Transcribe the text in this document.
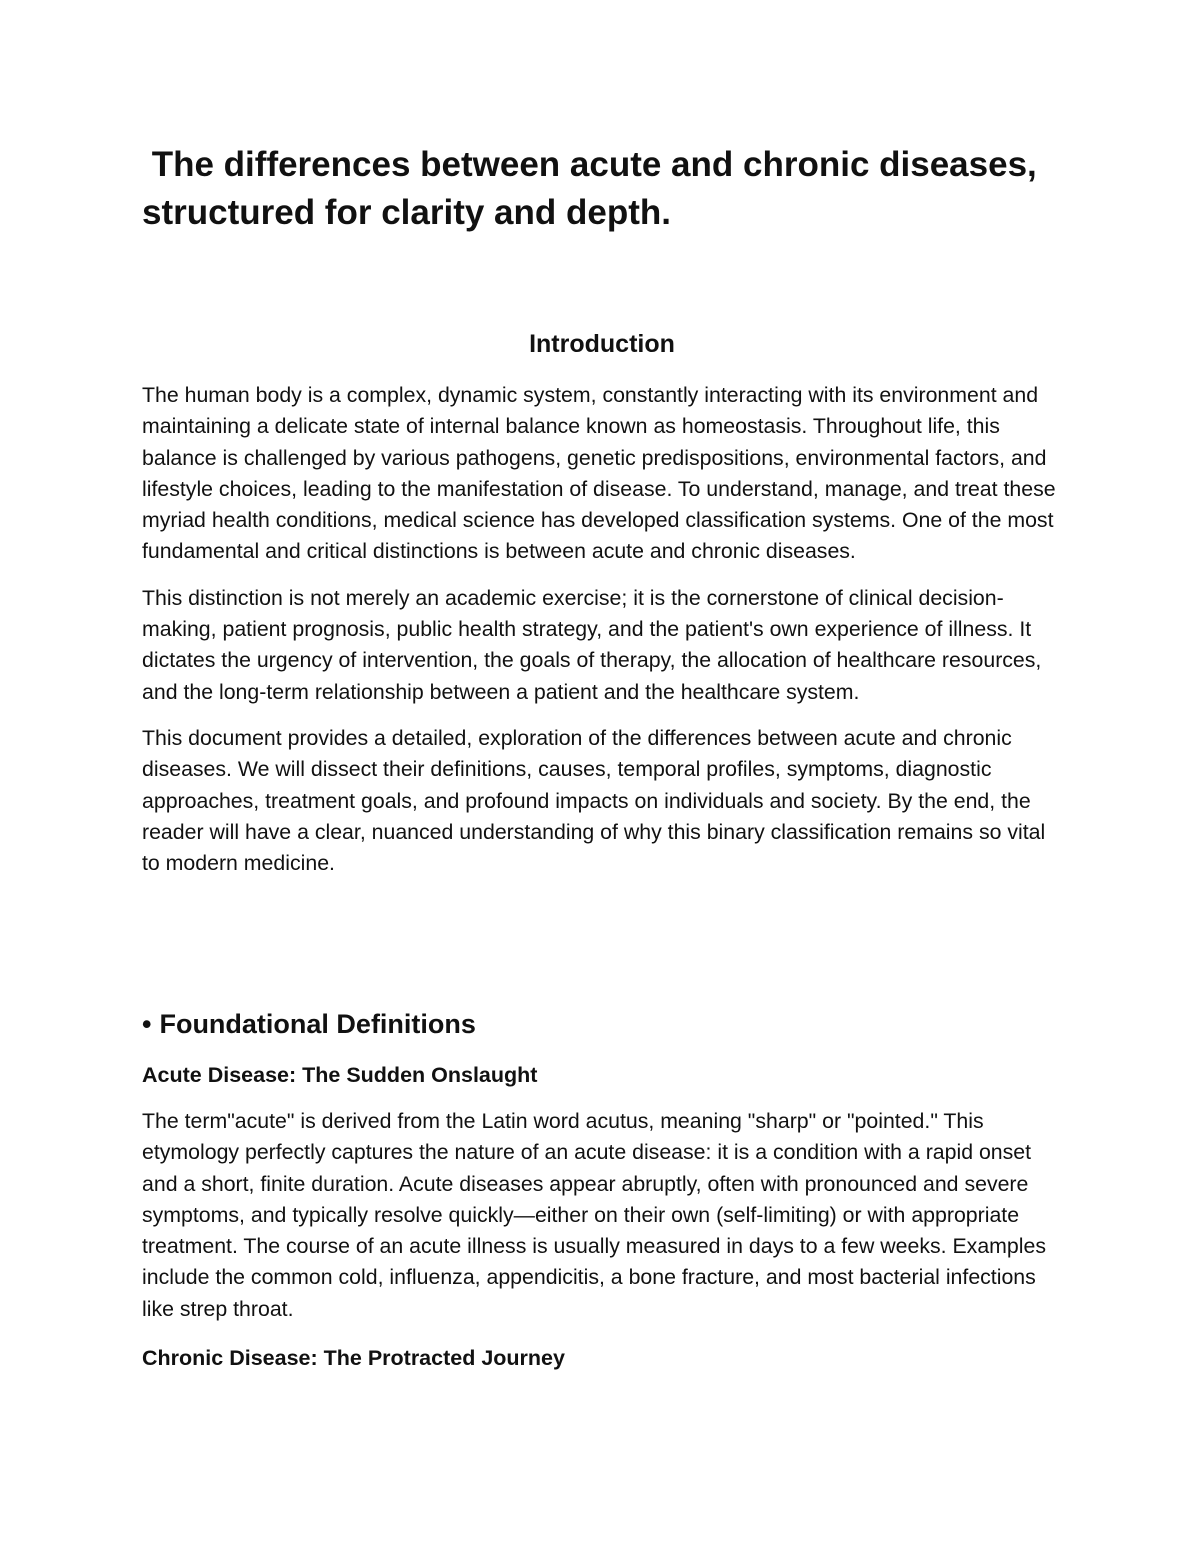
The differences between acute and chronic diseases, structured for clarity and depth.
Introduction

The human body is a complex, dynamic system, constantly interacting with its environment and maintaining a delicate state of internal balance known as homeostasis. Throughout life, this balance is challenged by various pathogens, genetic predispositions, environmental factors, and lifestyle choices, leading to the manifestation of disease. To understand, manage, and treat these myriad health conditions, medical science has developed classification systems. One of the most fundamental and critical distinctions is between acute and chronic diseases.

This distinction is not merely an academic exercise; it is the cornerstone of clinical decision-making, patient prognosis, public health strategy, and the patient's own experience of illness. It dictates the urgency of intervention, the goals of therapy, the allocation of healthcare resources, and the long-term relationship between a patient and the healthcare system.

This document provides a detailed, exploration of the differences between acute and chronic diseases. We will dissect their definitions, causes, temporal profiles, symptoms, diagnostic approaches, treatment goals, and profound impacts on individuals and society. By the end, the reader will have a clear, nuanced understanding of why this binary classification remains so vital to modern medicine.

• Foundational Definitions
Acute Disease: The Sudden Onslaught

The term"acute" is derived from the Latin word acutus, meaning "sharp" or "pointed." This etymology perfectly captures the nature of an acute disease: it is a condition with a rapid onset and a short, finite duration. Acute diseases appear abruptly, often with pronounced and severe symptoms, and typically resolve quickly—either on their own (self-limiting) or with appropriate treatment. The course of an acute illness is usually measured in days to a few weeks. Examples include the common cold, influenza, appendicitis, a bone fracture, and most bacterial infections like strep throat.

Chronic Disease: The Protracted Journey
